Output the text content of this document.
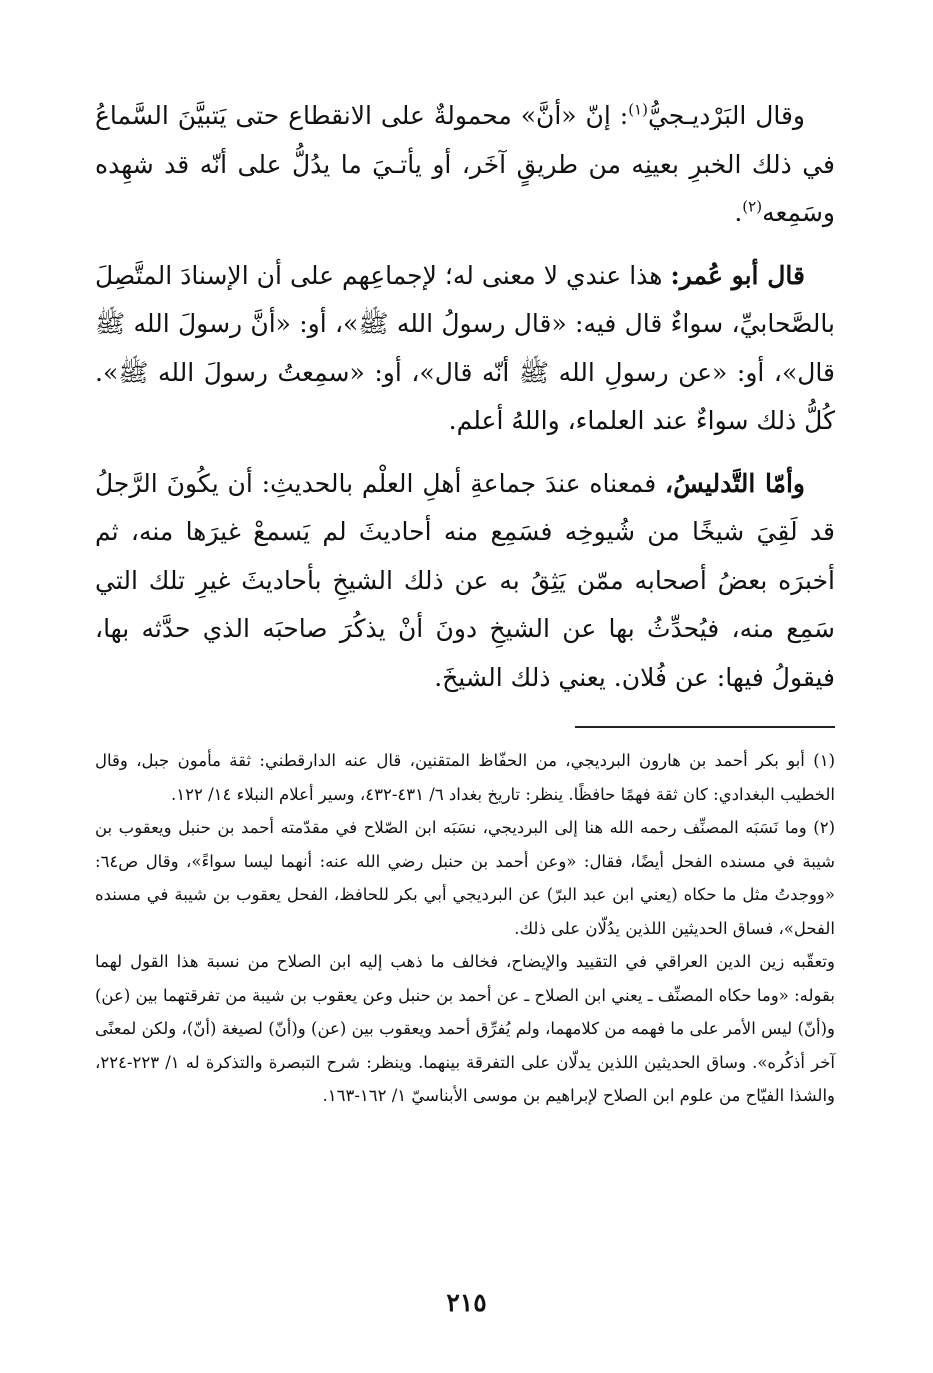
وقال البَرْديـجيُّ$^{(١)}$: إنّ «أنَّ» محمولةٌ على الانقطاع حتى يَتبيَّنَ السَّماعُ في ذلك الخبرِ بعينِه من طريقٍ آخَر، أو يأتـيَ ما يدُلُّ على أنّه قد شهِده وسَمِعه$^{(٢)}$.

قال أبو عُمر: هذا عندي لا معنى له؛ لإجماعِهم على أن الإسنادَ المتَّصِلَ بالصَّحابيِّ، سواءٌ قال فيه: «قال رسولُ الله ﷺ»، أو: «أنَّ رسولَ الله ﷺ قال»، أو: «عن رسولِ الله ﷺ أنّه قال»، أو: «سمِعتُ رسولَ الله ﷺ». كُلُّ ذلك سواءٌ عند العلماء، واللهُ أعلم.

وأمّا التَّدليسُ، فمعناه عندَ جماعةِ أهلِ العلْم بالحديثِ: أن يكُونَ الرَّجلُ قد لَقِيَ شيخًا من شُيوخِه فسَمِع منه أحاديثَ لم يَسمعْ غيرَها منه، ثم أخبرَه بعضُ أصحابه ممّن يَثِقُ به عن ذلك الشيخِ بأحاديثَ غيرِ تلك التي سَمِع منه، فيُحدِّثُ بها عن الشيخِ دونَ أنْ يذكُرَ صاحبَه الذي حدَّثه بها، فيقولُ فيها: عن فُلان. يعني ذلك الشيخَ.

(١) أبو بكر أحمد بن هارون البرديجي، من الحفّاظ المتقنين، قال عنه الدارقطني: ثقة مأمون جبل، وقال الخطيب البغدادي: كان ثقة فهمًا حافظًا. ينظر: تاريخ بغداد ٦/ ٤٣١-٤٣٢، وسير أعلام النبلاء ١٤/ ١٢٢.

(٢) وما نَسَبَه المصنِّف رحمه الله هنا إلى البرديجي، نسَبَه ابن الصّلاح في مقدّمته أحمد بن حنبل ويعقوب بن شيبة في مسنده الفحل أيضًا، فقال: «وعن أحمد بن حنبل رضي الله عنه: أنهما ليسا سواءً»، وقال ص٦٤: «ووجدتُ مثل ما حكاه (يعني ابن عبد البرّ) عن البرديجي أبي بكر للحافظ، الفحل يعقوب بن شيبة في مسنده الفحل»، فساق الحديثين اللذين يدُلّان على ذلك.

وتعقّبه زين الدين العراقي في التقييد والإيضاح، فخالف ما ذهب إليه ابن الصلاح من نسبة هذا القول لهما بقوله: «وما حكاه المصنِّف ـ يعني ابن الصلاح ـ عن أحمد بن حنبل وعن يعقوب بن شيبة من تفرقتهما بين (عن) و(أنّ) ليس الأمر على ما فهمه من كلامهما، ولم يُفرِّق أحمد ويعقوب بين (عن) و(أنّ) لصيغة (أنّ)، ولكن لمعنًى آخر أذكُره». وساق الحديثين اللذين يدلّان على التفرقة بينهما. وينظر: شرح التبصرة والتذكرة له ١/ ٢٢٣-٢٢٤، والشذا الفيّاح من علوم ابن الصلاح لإبراهيم بن موسى الأبناسيّ ١/ ١٦٢-١٦٣.

٢١٥
